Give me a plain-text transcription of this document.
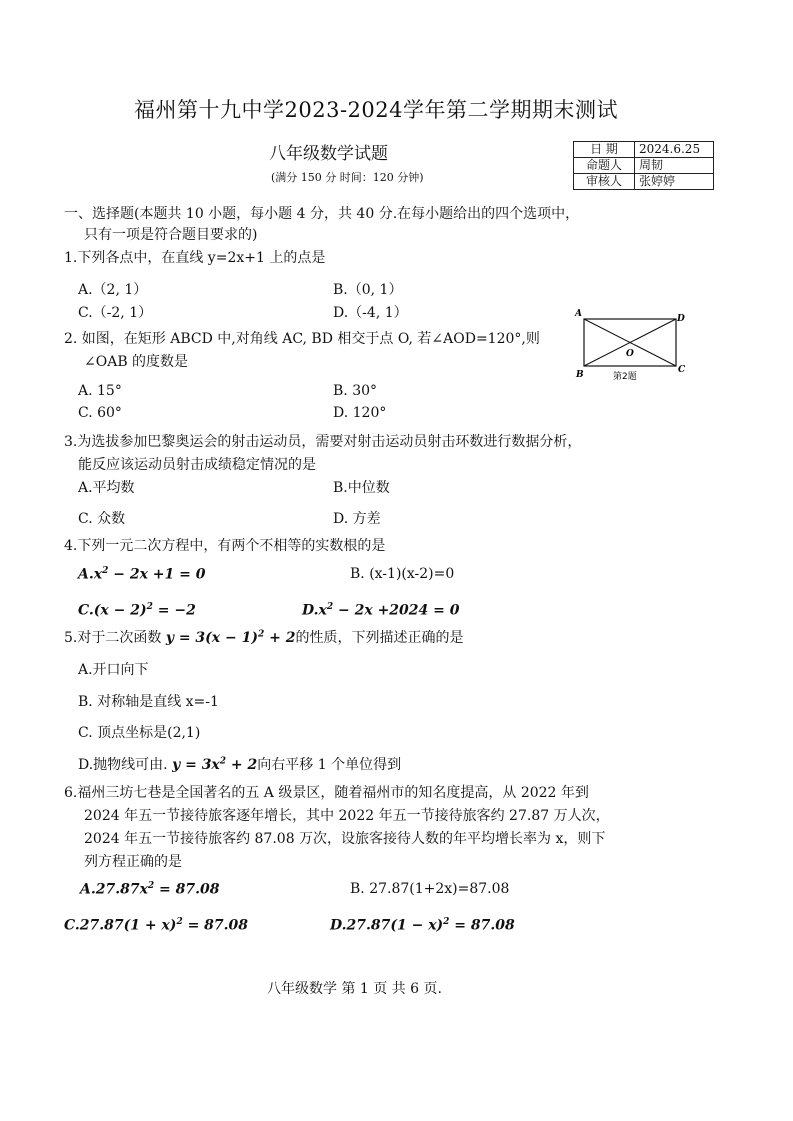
福州第十九中学2023-2024学年第二学期期末测试
八年级数学试题
(满分 150 分 时间：120 分钟)
日 期	2024.6.25
命题人	周韧
审核人	张婷婷
一、选择题(本题共 10 小题，每小题 4 分，共 40 分.在每小题给出的四个选项中，
只有一项是符合题目要求的)
1.下列各点中，在直线 y=2x+1 上的点是
A.（2, 1）	B.（0, 1）
C.（-2, 1）	D.（-4, 1）
2. 如图，在矩形 ABCD 中,对角线 AC, BD 相交于点 O, 若∠AOD=120°,则
∠OAB 的度数是
A. 15°	B. 30°
C. 60°	D. 120°
A	D
B	C
O
第2题
3.为选拔参加巴黎奥运会的射击运动员，需要对射击运动员射击环数进行数据分析，
能反应该运动员射击成绩稳定情况的是
A.平均数	B.中位数
C. 众数	D. 方差
4.下列一元二次方程中，有两个不相等的实数根的是
$A.x^2 - 2x +1 = 0$	B. (x-1)(x-2)=0
$C.(x - 2)^2 = -2$	$D.x^2 - 2x +2024 = 0$
5.对于二次函数 $y = 3(x - 1)^2 + 2$的性质，下列描述正确的是
A.开口向下
B. 对称轴是直线 x=-1
C. 顶点坐标是(2,1)
D.抛物线可由. $y = 3x^2 + 2$向右平移 1 个单位得到
6.福州三坊七巷是全国著名的五 A 级景区，随着福州市的知名度提高，从 2022 年到
2024 年五一节接待旅客逐年增长，其中 2022 年五一节接待旅客约 27.87 万人次，
2024 年五一节接待旅客约 87.08 万次，设旅客接待人数的年平均增长率为 x，则下
列方程正确的是
$A.27.87x^2 = 87.08$	B. 27.87(1+2x)=87.08
$C.27.87(1 + x)^2 = 87.08$	$D.27.87(1 - x)^2 = 87.08$
八年级数学 第 1 页 共 6 页.
